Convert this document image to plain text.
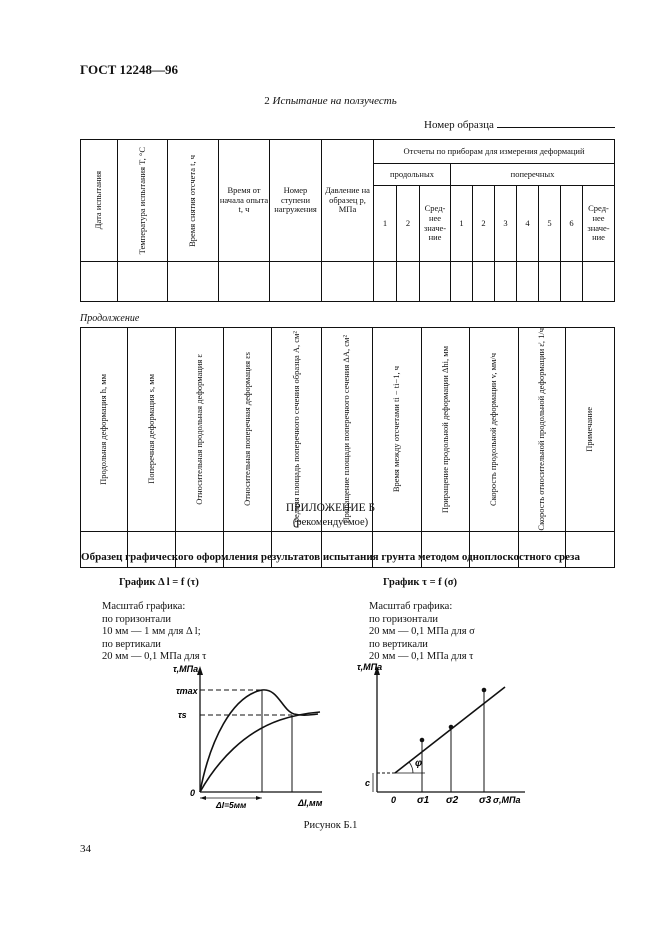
ГОСТ 12248—96
2 Испытание на ползучесть
Номер образца
Дата испытания	Температура испытания T, °C	Время снятия отсчета t, ч	Время от начала опыта t, ч	Номер ступени нагружения	Давление на образец p, МПа	Отсчеты по приборам для измерения деформаций									
						продольных			поперечных						
						1	2	Сред- нее значе- ние	1	2	3	4	5	6	Сред- нее значе- ние

Продолжение
Продольная деформация h, мм	Поперечная деформация s, мм	Относительная продольная деформация ε	Относительная поперечная деформация εs	Средняя площадь поперечного сечения образца A, см²	Приращение площади поперечного сечения ΔA, см²	Время между отсчетами ti − ti−1, ч	Приращение продольной деформации Δhi, мм	Скорость продольной деформации v, мм/ч	Скорость относительной продольной деформации ε̇, 1/ч	Примечание

ПРИЛОЖЕНИЕ Б
(рекомендуемое)
Образец графического оформления результатов испытания грунта методом одноплоскостного среза
График Δ l = f (τ)
Масштаб графика:
по горизонтали
10 мм — 1 мм для Δ l;
по вертикали
20 мм — 0,1 МПа для τ
График τ = f (σ)
Масштаб графика:
по горизонтали
20 мм — 0,1 МПа для σ
по вертикали
20 мм — 0,1 МПа для τ
τ,МПа
τmax
τs
0
Δl=5мм	Δl,мм
τ,МПа
c
φ
0 σ1 σ2 σ3 σ,МПа
Рисунок Б.1
34
